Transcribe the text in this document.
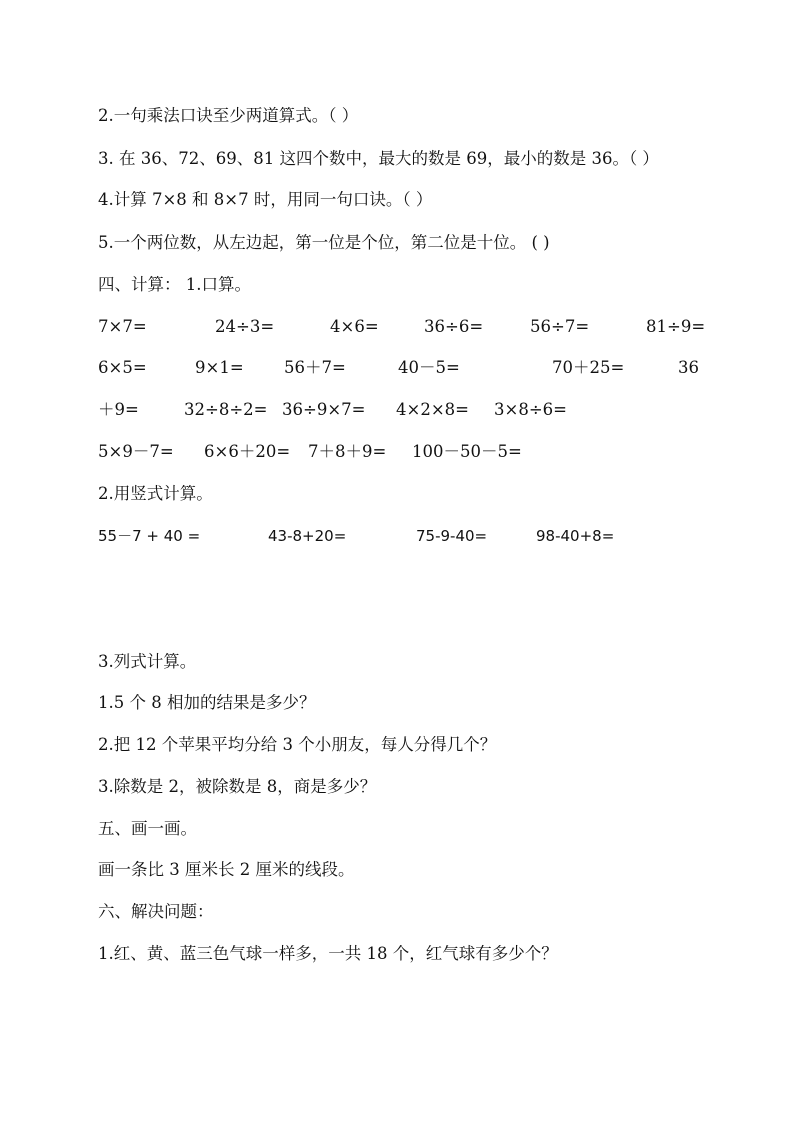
2.一句乘法口诀至少两道算式。（ ）

3. 在 36、72、69、81 这四个数中，最大的数是 69，最小的数是 36。（ ）

4.计算 7×8 和 8×7 时，用同一句口诀。（ ）

5.一个两位数，从左边起，第一位是个位，第二位是十位。 ( )

四、计算： 1.口算。

7×7=	24÷3=	4×6=	36÷6=	56÷7=	81÷9=
6×5=	9×1= 56＋7=	40－5=	70＋25=	36
＋9=	32÷8÷2= 36÷9×7= 4×2×8= 3×8÷6=
5×9－7= 6×6＋20= 7＋8＋9= 100－50－5=

2.用竖式计算。

55－7 + 40 =	43-8+20=	75-9-40=	98-40+8=

3.列式计算。

1.5 个 8 相加的结果是多少？

2.把 12 个苹果平均分给 3 个小朋友，每人分得几个？

3.除数是 2，被除数是 8，商是多少？

五、画一画。

画一条比 3 厘米长 2 厘米的线段。

六、解决问题：

1.红、黄、蓝三色气球一样多，一共 18 个，红气球有多少个？
